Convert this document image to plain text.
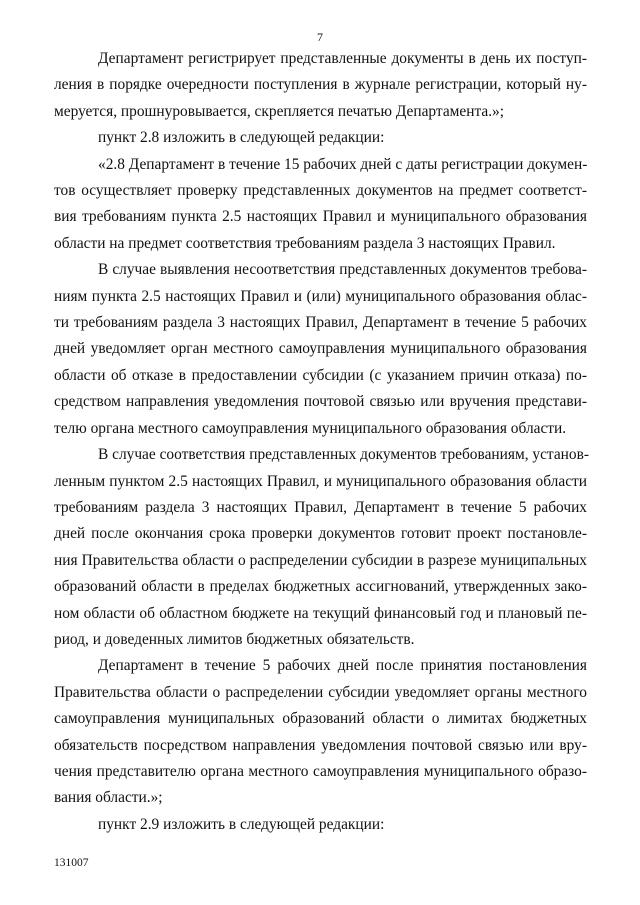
7

Департамент регистрирует представленные документы в день их поступ-
ления в порядке очередности поступления в журнале регистрации, который ну-
меруется, прошнуровывается, скрепляется печатью Департамента.»;

пункт 2.8 изложить в следующей редакции:

«2.8 Департамент в течение 15 рабочих дней с даты регистрации докумен-
тов осуществляет проверку представленных документов на предмет соответст-
вия требованиям пункта 2.5 настоящих Правил и муниципального образования
области на предмет соответствия требованиям раздела 3 настоящих Правил.

В случае выявления несоответствия представленных документов требова-
ниям пункта 2.5 настоящих Правил и (или) муниципального образования облас-
ти требованиям раздела 3 настоящих Правил, Департамент в течение 5 рабочих
дней уведомляет орган местного самоуправления муниципального образования
области об отказе в предоставлении субсидии (с указанием причин отказа) по-
средством направления уведомления почтовой связью или вручения представи-
телю органа местного самоуправления муниципального образования области.

В случае соответствия представленных документов требованиям, установ-
ленным пунктом 2.5 настоящих Правил, и муниципального образования области
требованиям раздела 3 настоящих Правил, Департамент в течение 5 рабочих
дней после окончания срока проверки документов готовит проект постановле-
ния Правительства области о распределении субсидии в разрезе муниципальных
образований области в пределах бюджетных ассигнований, утвержденных зако-
ном области об областном бюджете на текущий финансовый год и плановый пе-
риод, и доведенных лимитов бюджетных обязательств.

Департамент в течение 5 рабочих дней после принятия постановления
Правительства области о распределении субсидии уведомляет органы местного
самоуправления муниципальных образований области о лимитах бюджетных
обязательств посредством направления уведомления почтовой связью или вру-
чения представителю органа местного самоуправления муниципального образо-
вания области.»;

пункт 2.9 изложить в следующей редакции:

131007
